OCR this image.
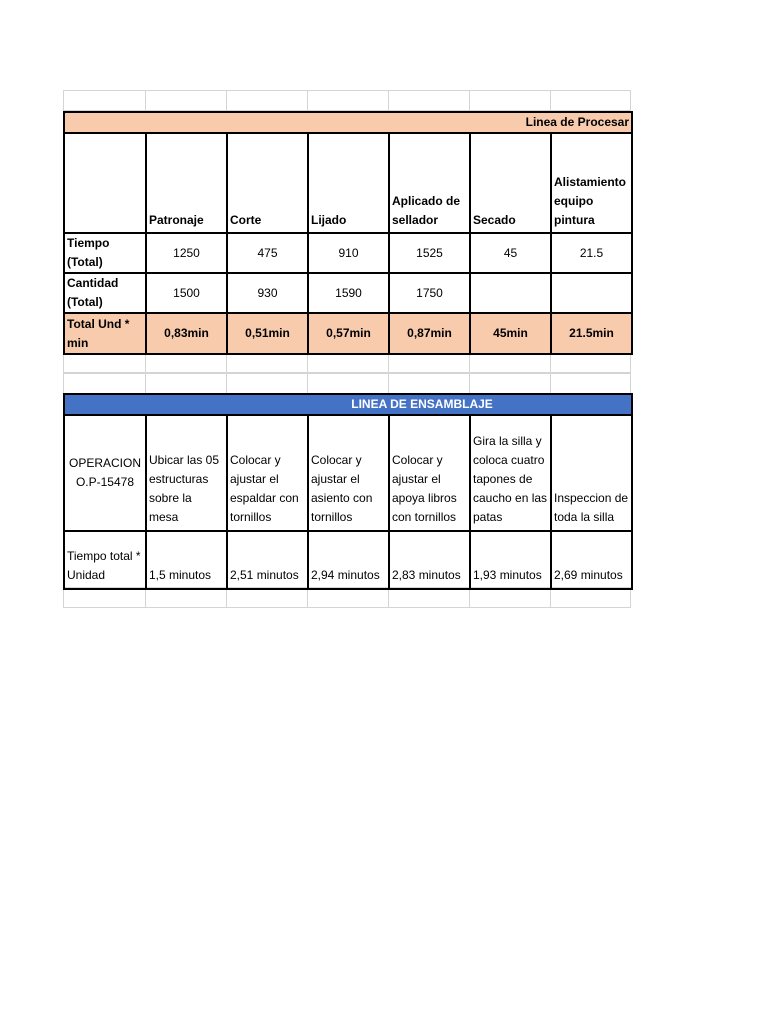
Linea de Procesar						

	Patronaje	Corte	Lijado	Aplicado de sellador	Secado	Alistamiento equipo pintura

Tiempo (Total)	1250	475	910	1525	45	21.5
Cantidad (Total)	1500	930	1590	1750		
Total Und * min	0,83min	0,51min	0,57min	0,87min	45min	21.5min
LINEA DE ENSAMBLAJE						
OPERACION O.P-15478	Ubicar las 05 estructuras sobre la mesa	Colocar y ajustar el espaldar con tornillos	Colocar y ajustar el asiento con tornillos	Colocar y ajustar el apoya libros con tornillos	Gira la silla y coloca cuatro tapones de caucho en las patas	Inspeccion de toda la silla

Tiempo total * Unidad	1,5 minutos	2,51 minutos	2,94 minutos	2,83 minutos	1,93 minutos	2,69 minutos
